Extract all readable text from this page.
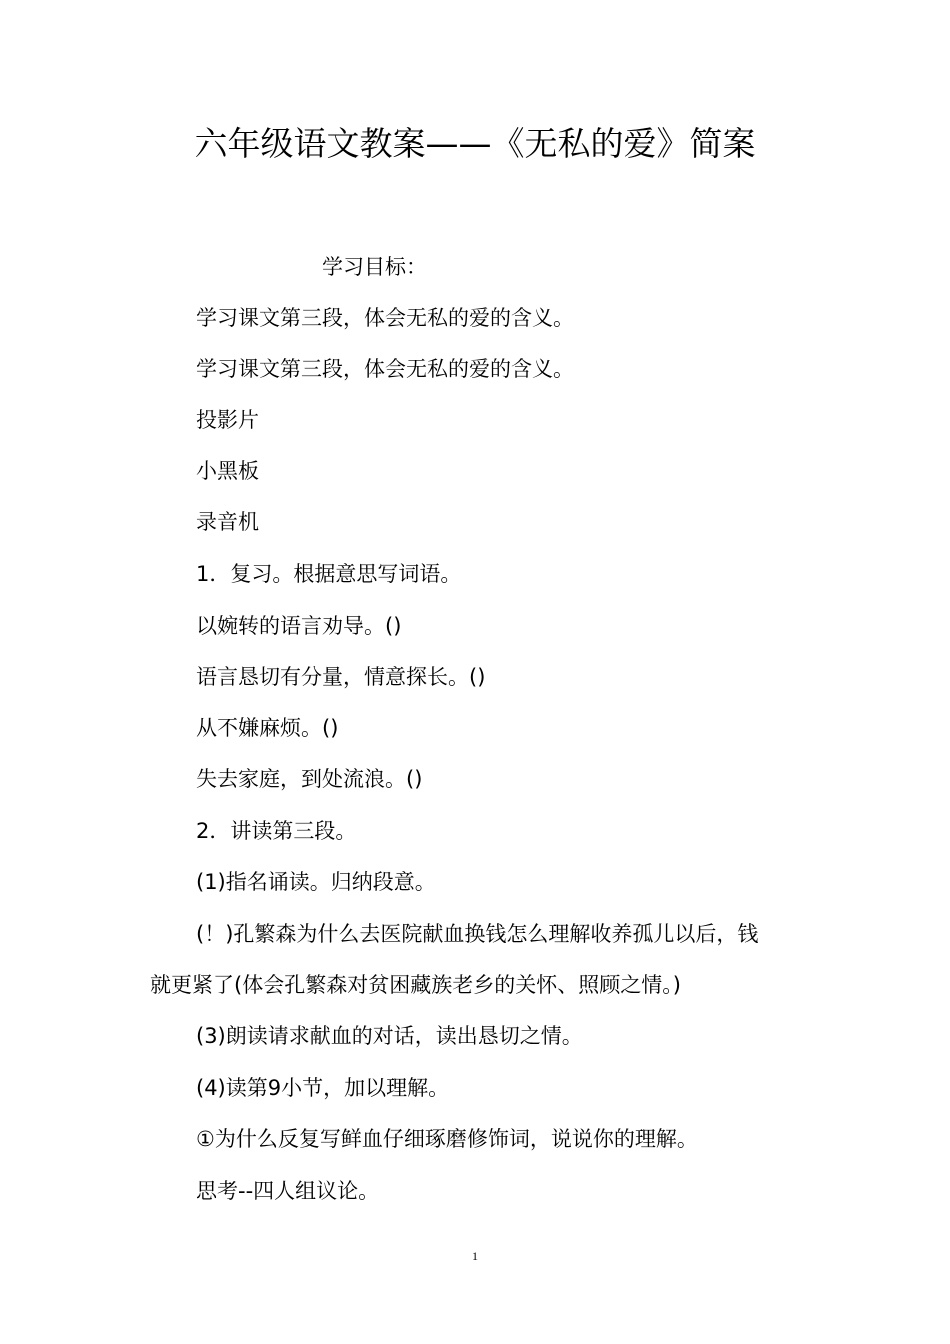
六年级语文教案——《无私的爱》简案
学习目标：
学习课文第三段，体会无私的爱的含义。
学习课文第三段，体会无私的爱的含义。
投影片
小黑板
录音机
1．复习。根据意思写词语。
以婉转的语言劝导。()
语言恳切有分量，情意探长。()
从不嫌麻烦。()
失去家庭，到处流浪。()
2．讲读第三段。
(1)指名诵读。归纳段意。
(！)孔繁森为什么去医院献血换钱怎么理解收养孤儿以后，钱
就更紧了(体会孔繁森对贫困藏族老乡的关怀、照顾之情。)
(3)朗读请求献血的对话，读出恳切之情。
(4)读第9小节，加以理解。
①为什么反复写鲜血仔细琢磨修饰词，说说你的理解。
思考--四人组议论。
1
